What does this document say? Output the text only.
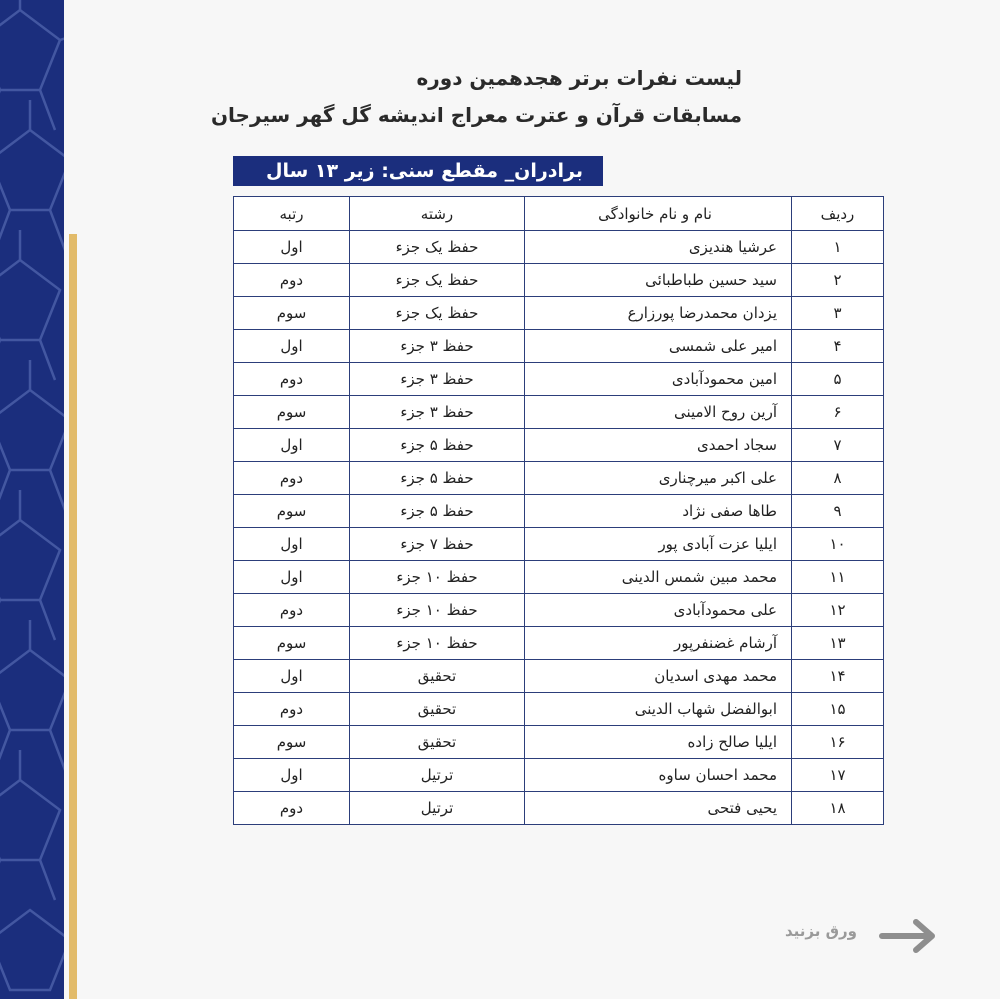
لیست نفرات برتر هجدهمین دوره
مسابقات قرآن و عترت معراج اندیشه گل گهر سیرجان
برادران_ مقطع سنی: زیر ۱۳ سال
ردیف	نام و نام خانوادگی	رشته	رتبه
۱	عرشیا هندیزی	حفظ یک جزء	اول
۲	سید حسین طباطبائی	حفظ یک جزء	دوم
۳	یزدان محمدرضا پورزارع	حفظ یک جزء	سوم
۴	امیر علی شمسی	حفظ ۳ جزء	اول
۵	امین محمودآبادی	حفظ ۳ جزء	دوم
۶	آرین روح الامینی	حفظ ۳ جزء	سوم
۷	سجاد احمدی	حفظ ۵ جزء	اول
۸	علی اکبر میرچناری	حفظ ۵ جزء	دوم
۹	طاها صفی نژاد	حفظ ۵ جزء	سوم
۱۰	ایلیا عزت آبادی پور	حفظ ۷ جزء	اول
۱۱	محمد مبین شمس الدینی	حفظ ۱۰ جزء	اول
۱۲	علی محمودآبادی	حفظ ۱۰ جزء	دوم
۱۳	آرشام غضنفرپور	حفظ ۱۰ جزء	سوم
۱۴	محمد مهدی اسدیان	تحقیق	اول
۱۵	ابوالفضل شهاب الدینی	تحقیق	دوم
۱۶	ایلیا صالح زاده	تحقیق	سوم
۱۷	محمد احسان ساوه	ترتیل	اول
۱۸	یحیی فتحی	ترتیل	دوم
ورق بزنید
